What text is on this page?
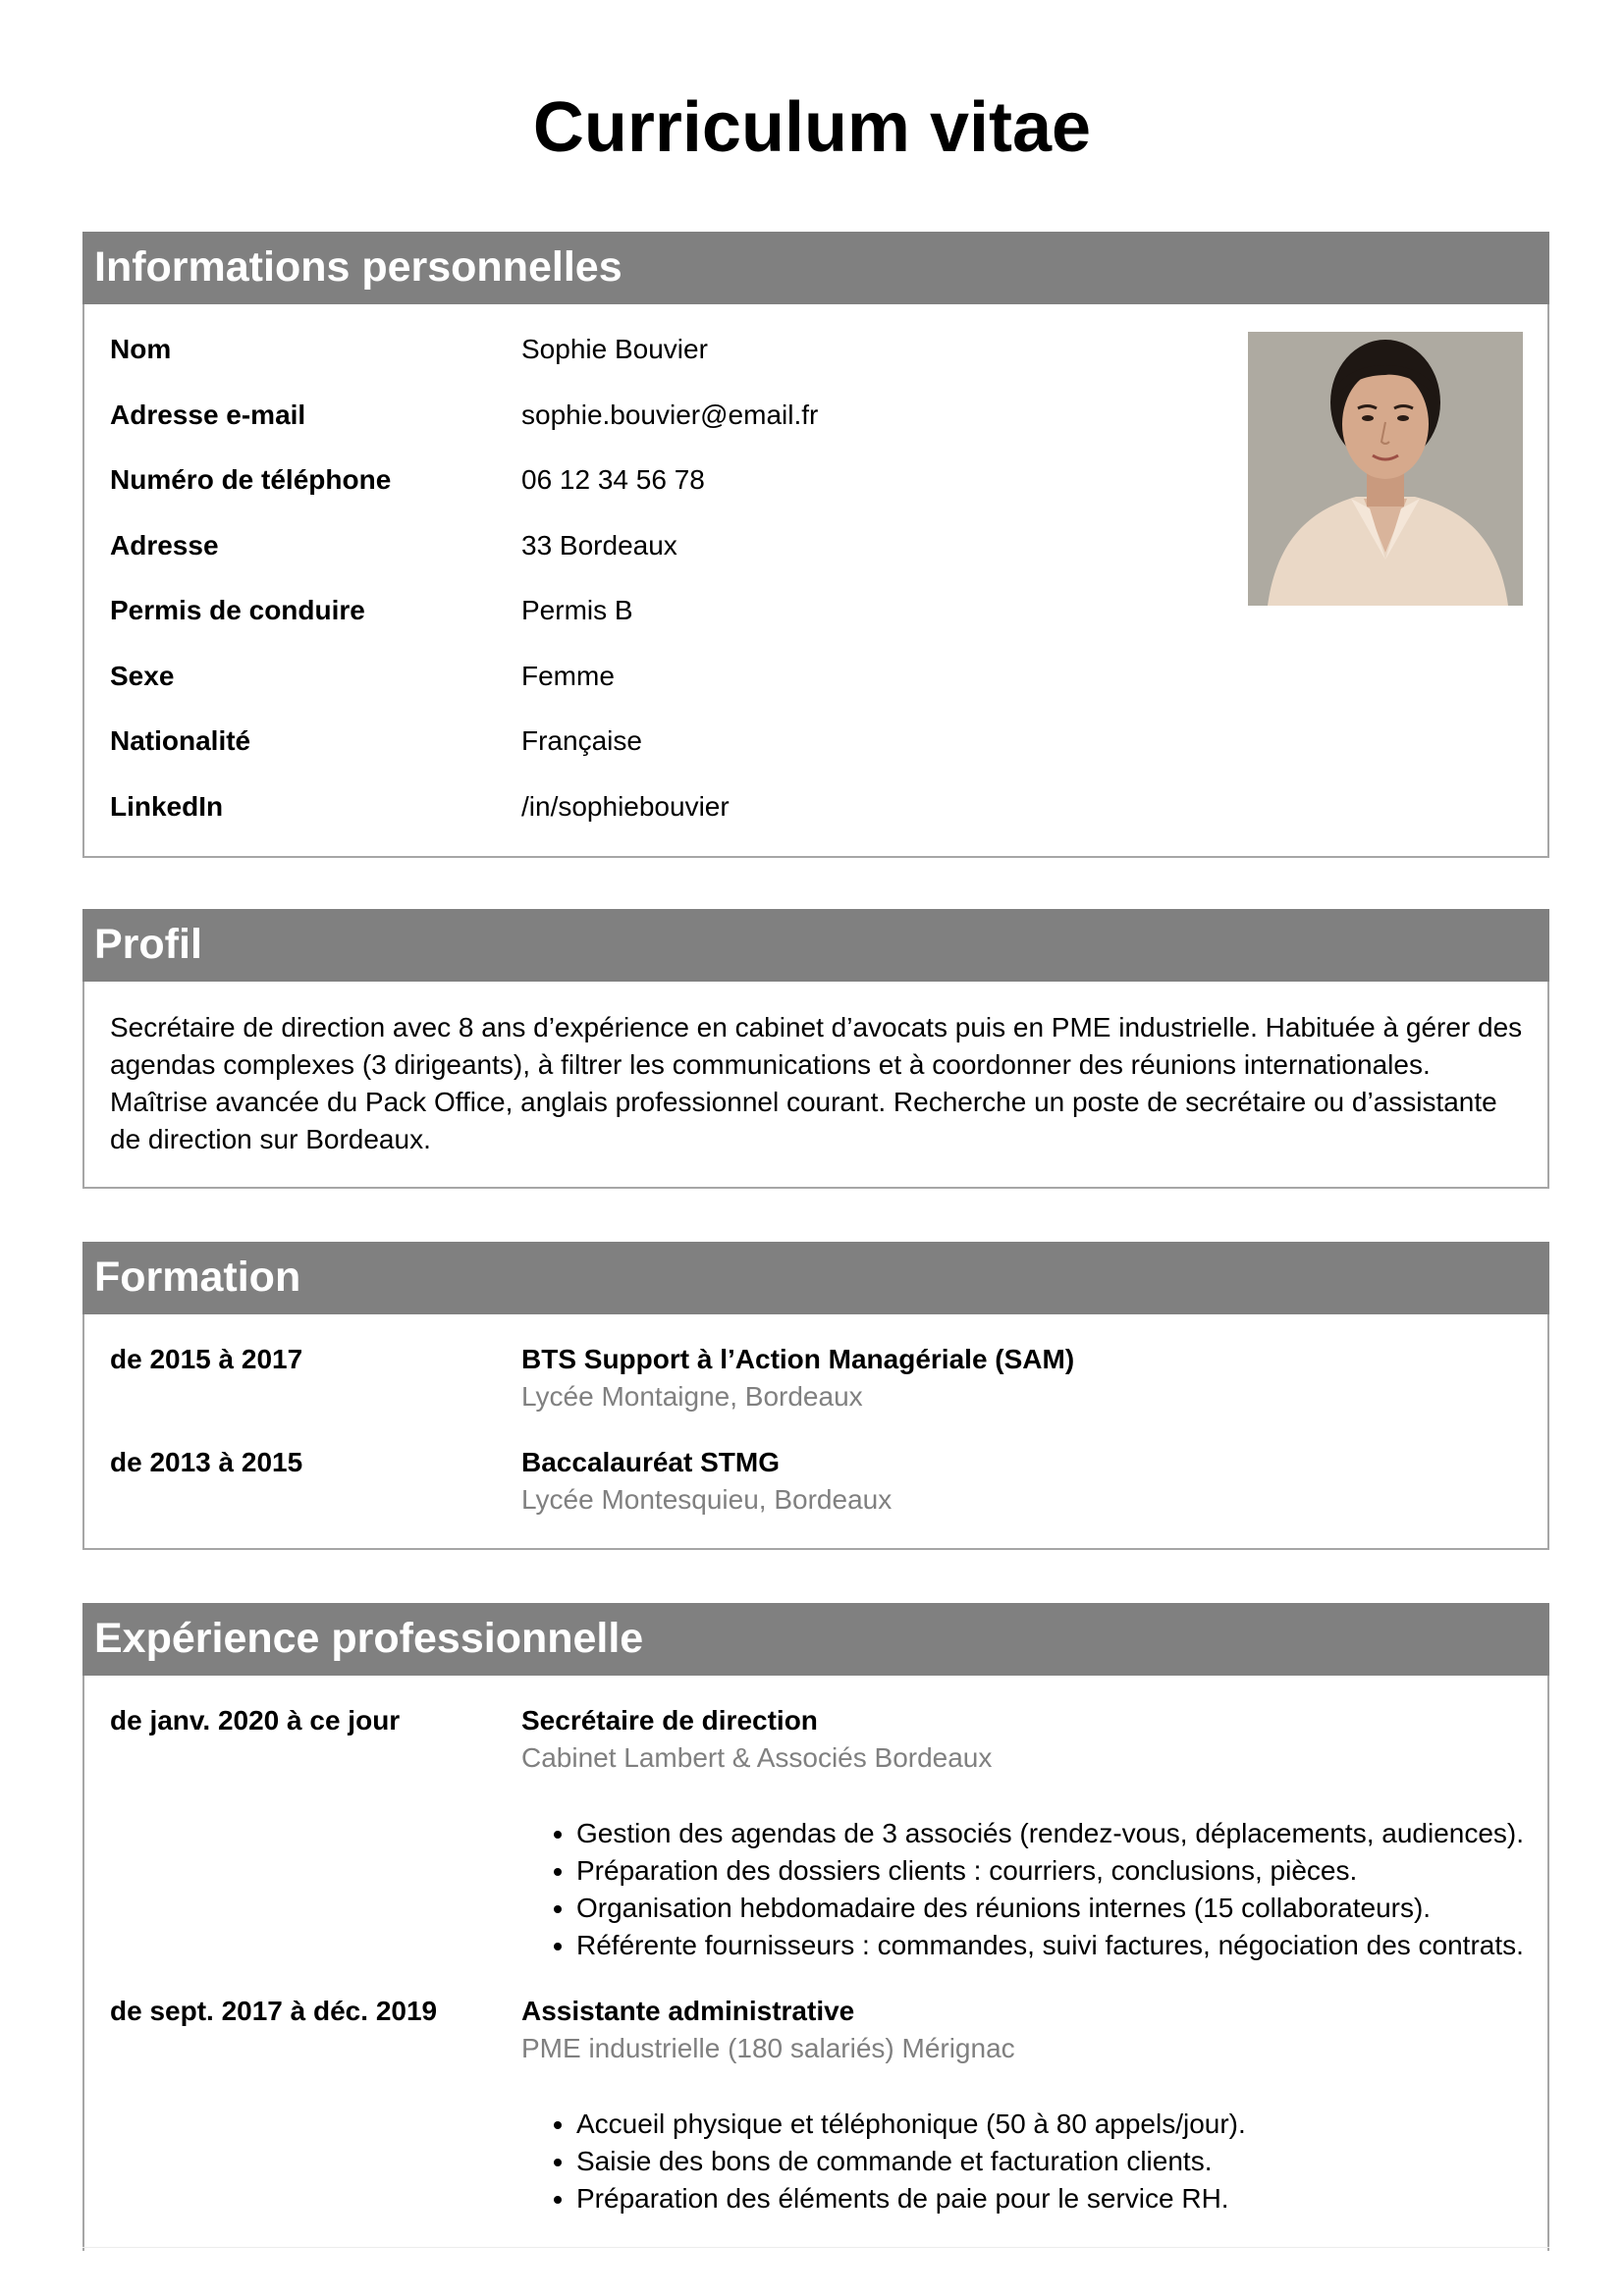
Curriculum vitae
Informations personnelles
Nom	Sophie Bouvier
Adresse e-mail	sophie.bouvier@email.fr
Numéro de téléphone	06 12 34 56 78
Adresse	33 Bordeaux
Permis de conduire	Permis B
Sexe	Femme
Nationalité	Française
LinkedIn	/in/sophiebouvier
Profil
Secrétaire de direction avec 8 ans d’expérience en cabinet d’avocats puis en PME industrielle. Habituée à gérer des agendas complexes (3 dirigeants), à filtrer les communications et à coordonner des réunions internationales. Maîtrise avancée du Pack Office, anglais professionnel courant. Recherche un poste de secrétaire ou d’assistante de direction sur Bordeaux.
Formation
de 2015 à 2017	BTS Support à l’Action Managériale (SAM)
Lycée Montaigne, Bordeaux
de 2013 à 2015	Baccalauréat STMG
Lycée Montesquieu, Bordeaux
Expérience professionnelle
de janv. 2020 à ce jour	Secrétaire de direction
Cabinet Lambert & Associés Bordeaux
• Gestion des agendas de 3 associés (rendez-vous, déplacements, audiences).
• Préparation des dossiers clients : courriers, conclusions, pièces.
• Organisation hebdomadaire des réunions internes (15 collaborateurs).
• Référente fournisseurs : commandes, suivi factures, négociation des contrats.
de sept. 2017 à déc. 2019	Assistante administrative
PME industrielle (180 salariés) Mérignac
• Accueil physique et téléphonique (50 à 80 appels/jour).
• Saisie des bons de commande et facturation clients.
• Préparation des éléments de paie pour le service RH.
